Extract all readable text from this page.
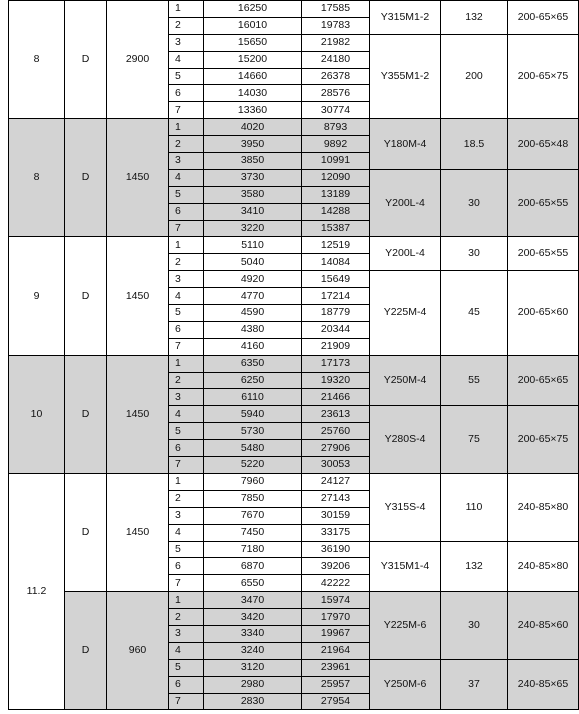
8	D	2900	1	16250	17585	Y315M1-2	132	200-65×65
			2	16010	19783			
			3	15650	21982	Y355M1-2	200	200-65×75
			4	15200	24180			
			5	14660	26378			
			6	14030	28576			
			7	13360	30774			
8	D	1450	1	4020	8793	Y180M-4	18.5	200-65×48
			2	3950	9892			
			3	3850	10991			
			4	3730	12090	Y200L-4	30	200-65×55
			5	3580	13189			
			6	3410	14288			
			7	3220	15387			
9	D	1450	1	5110	12519	Y200L-4	30	200-65×55
			2	5040	14084			
			3	4920	15649	Y225M-4	45	200-65×60
			4	4770	17214			
			5	4590	18779			
			6	4380	20344			
			7	4160	21909			
10	D	1450	1	6350	17173	Y250M-4	55	200-65×65
			2	6250	19320			
			3	6110	21466			
			4	5940	23613	Y280S-4	75	200-65×75
			5	5730	25760			
			6	5480	27906			
			7	5220	30053			
11.2	D	1450	1	7960	24127	Y315S-4	110	240-85×80
			2	7850	27143			
			3	7670	30159			
			4	7450	33175			
			5	7180	36190	Y315M1-4	132	240-85×80
			6	6870	39206			
			7	6550	42222			
	D	960	1	3470	15974	Y225M-6	30	240-85×60
			2	3420	17970			
			3	3340	19967			
			4	3240	21964			
			5	3120	23961	Y250M-6	37	240-85×65
			6	2980	25957			
			7	2830	27954			
